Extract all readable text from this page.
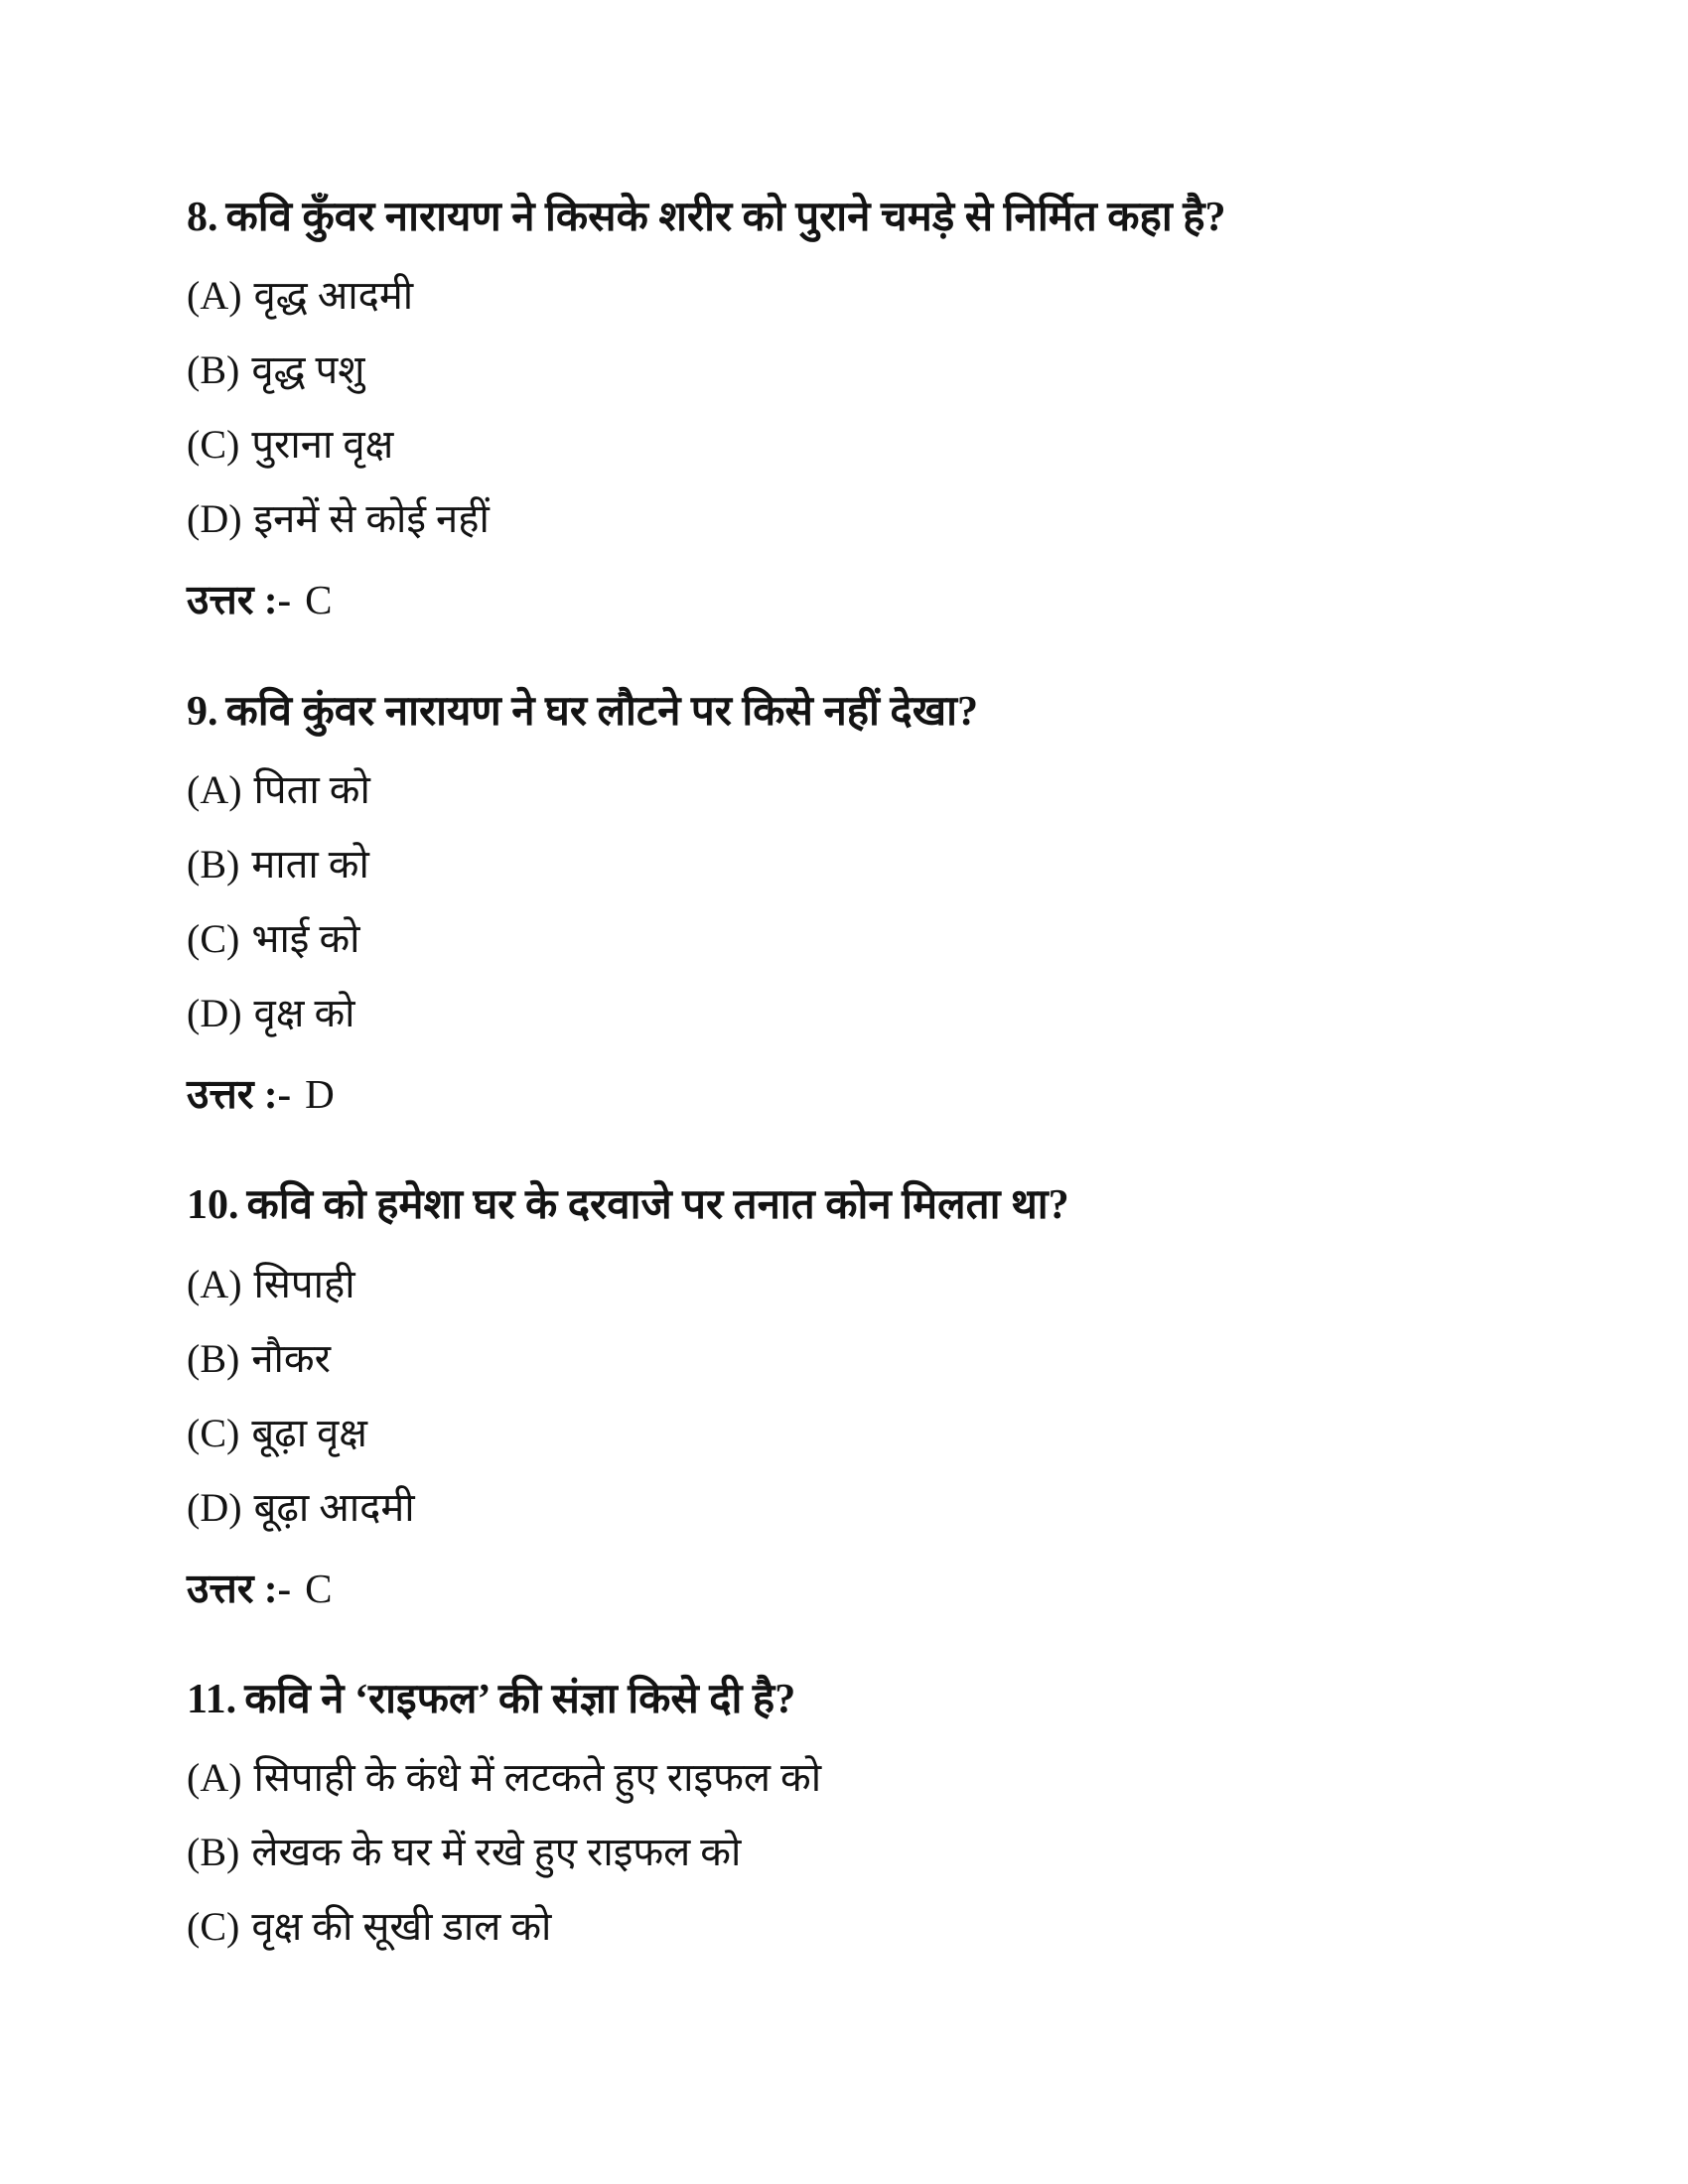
8. कवि कुँवर नारायण ने किसके शरीर को पुराने चमड़े से निर्मित कहा है?

(A) वृद्ध आदमी

(B) वृद्ध पशु

(C) पुराना वृक्ष

(D) इनमें से कोई नहीं

उत्तर :- C

9. कवि कुंवर नारायण ने घर लौटने पर किसे नहीं देखा?

(A) पिता को

(B) माता को

(C) भाई को

(D) वृक्ष को

उत्तर :- D

10. कवि को हमेशा घर के दरवाजे पर तनात कोन मिलता था?

(A) सिपाही

(B) नौकर

(C) बूढ़ा वृक्ष

(D) बूढ़ा आदमी

उत्तर :- C

11. कवि ने ‘राइफल’ की संज्ञा किसे दी है?

(A) सिपाही के कंधे में लटकते हुए राइफल को

(B) लेखक के घर में रखे हुए राइफल को

(C) वृक्ष की सूखी डाल को
